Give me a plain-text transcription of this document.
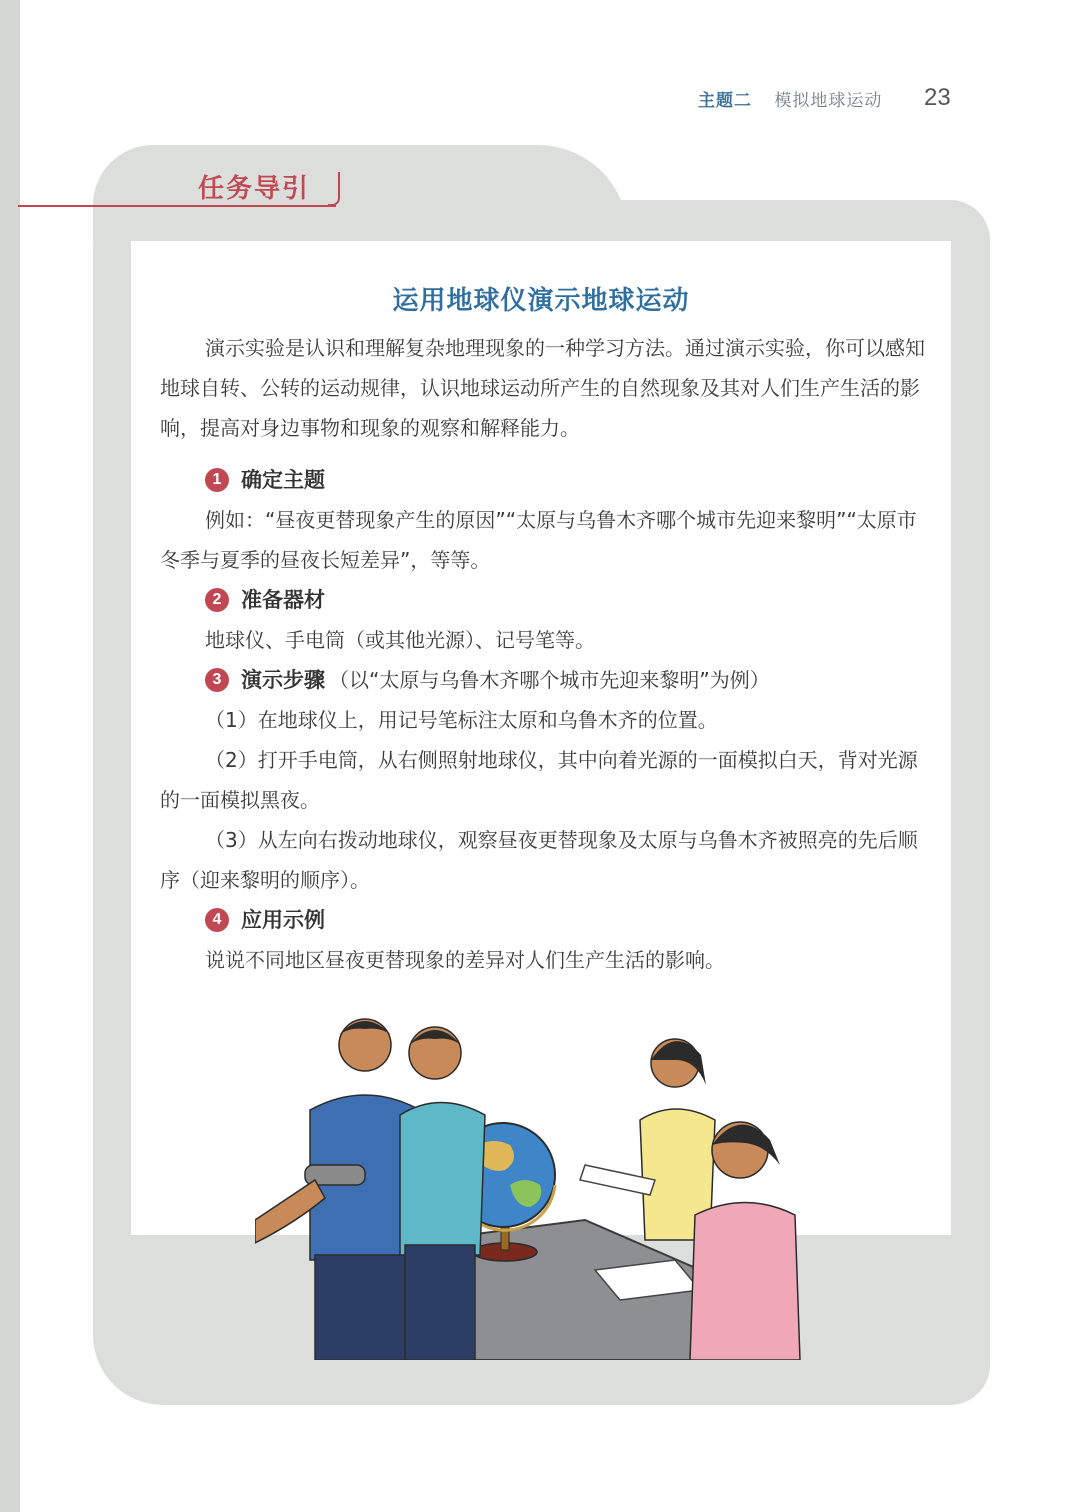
主题二 模拟地球运动 23
任务导引
运用地球仪演示地球运动

演示实验是认识和理解复杂地理现象的一种学习方法。通过演示实验，你可以感知地球自转、公转的运动规律，认识地球运动所产生的自然现象及其对人们生产生活的影响，提高对身边事物和现象的观察和解释能力。

1 确定主题

例如：“昼夜更替现象产生的原因”“太原与乌鲁木齐哪个城市先迎来黎明”“太原市冬季与夏季的昼夜长短差异”，等等。

2 准备器材

地球仪、手电筒（或其他光源）、记号笔等。

3 演示步骤 （以“太原与乌鲁木齐哪个城市先迎来黎明”为例）

（1）在地球仪上，用记号笔标注太原和乌鲁木齐的位置。

（2）打开手电筒，从右侧照射地球仪，其中向着光源的一面模拟白天，背对光源的一面模拟黑夜。

（3）从左向右拨动地球仪，观察昼夜更替现象及太原与乌鲁木齐被照亮的先后顺序（迎来黎明的顺序）。

4 应用示例

说说不同地区昼夜更替现象的差异对人们生产生活的影响。
